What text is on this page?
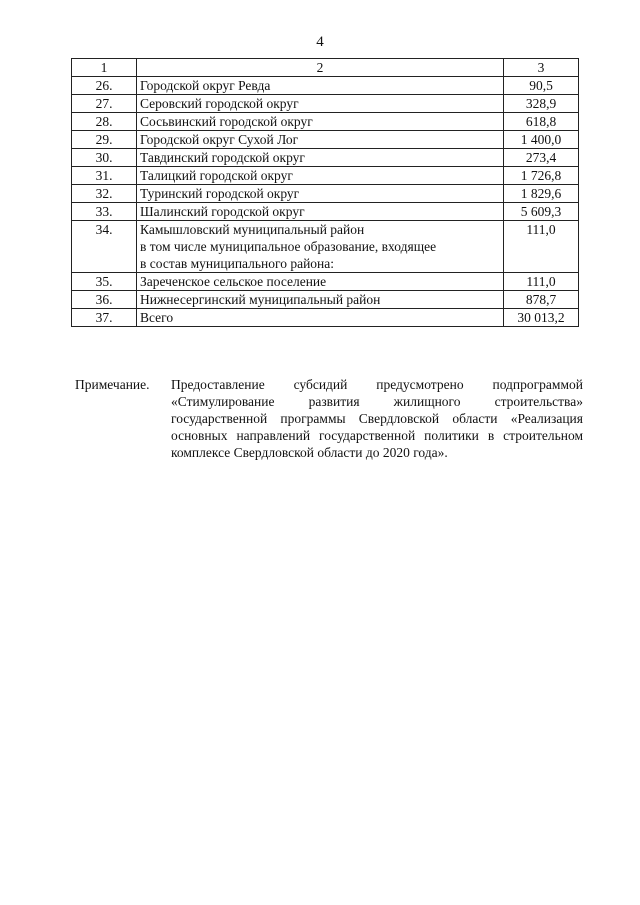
4
1	2	3
26.	Городской округ Ревда	90,5
27.	Серовский городской округ	328,9
28.	Сосьвинский городской округ	618,8
29.	Городской округ Сухой Лог	1 400,0
30.	Тавдинский городской округ	273,4
31.	Талицкий городской округ	1 726,8
32.	Туринский городской округ	1 829,6
33.	Шалинский городской округ	5 609,3
34.	Камышловский муниципальный район
в том числе муниципальное образование, входящее
в состав муниципального района:	111,0
35.	Зареченское сельское поселение	111,0
36.	Нижнесергинский муниципальный район	878,7
37.	Всего	30 013,2
Примечание. Предоставление субсидий предусмотрено подпрограммой
«Стимулирование развития жилищного строительства»
государственной программы Свердловской области «Реализация
основных направлений государственной политики в строительном
комплексе Свердловской области до 2020 года».
